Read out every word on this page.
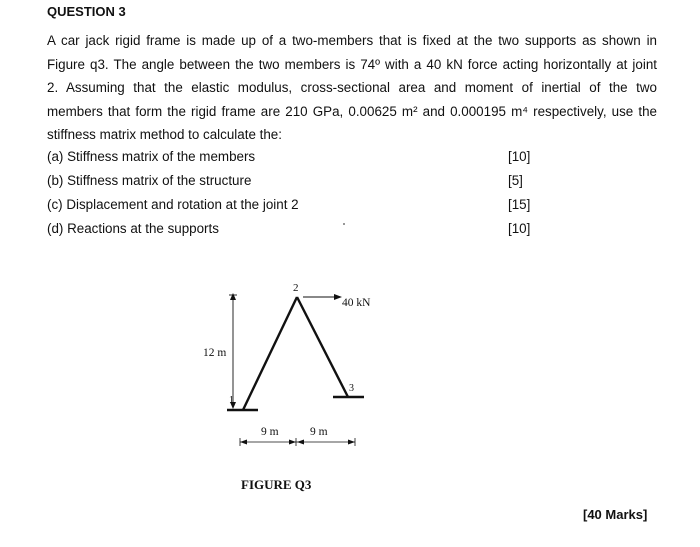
QUESTION 3
A car jack rigid frame is made up of a two-members that is fixed at the two supports as shown in
Figure q3. The angle between the two members is 74º with a 40 kN force acting horizontally at joint
2. Assuming that the elastic modulus, cross-sectional area and moment of inertial of the two
members that form the rigid frame are 210 GPa, 0.00625 m² and 0.000195 m⁴ respectively, use the
stiffness matrix method to calculate the:
(a) Stiffness matrix of the members	[10]
(b) Stiffness matrix of the structure	[5]
(c) Displacement and rotation at the joint 2	[15]
(d) Reactions at the supports	[10]
2
1
3
40 kN
12 m
9 m	9 m
FIGURE Q3
[40 Marks]
